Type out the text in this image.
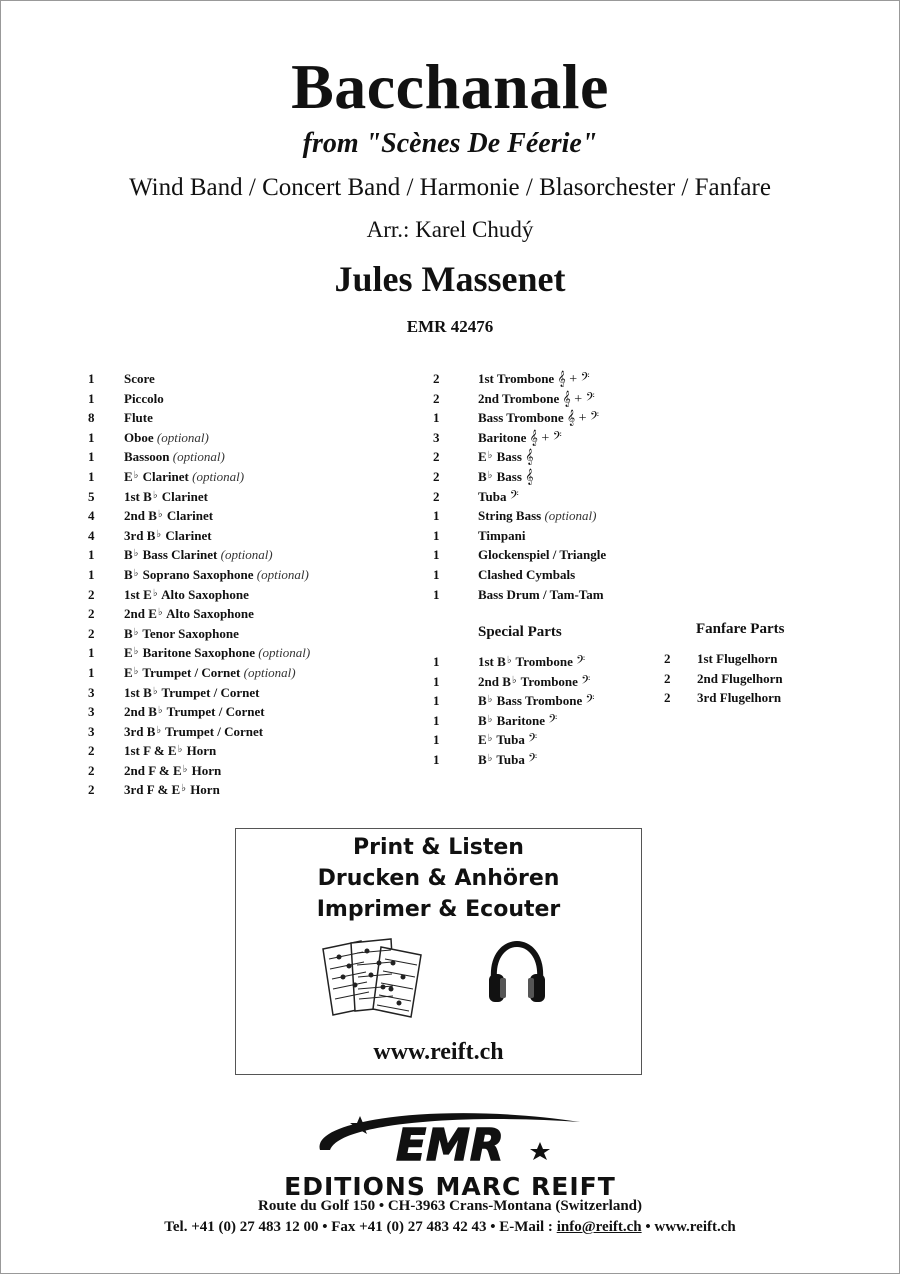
Bacchanale
from "Scènes De Féerie"
Wind Band / Concert Band / Harmonie / Blasorchester / Fanfare
Arr.: Karel Chudý
Jules Massenet
EMR 42476
1 Score
1 Piccolo
8 Flute
1 Oboe (optional)
1 Bassoon (optional)
1 E♭ Clarinet (optional)
5 1st B♭ Clarinet
4 2nd B♭ Clarinet
4 3rd B♭ Clarinet
1 B♭ Bass Clarinet (optional)
1 B♭ Soprano Saxophone (optional)
2 1st E♭ Alto Saxophone
2 2nd E♭ Alto Saxophone
2 B♭ Tenor Saxophone
1 E♭ Baritone Saxophone (optional)
1 E♭ Trumpet / Cornet (optional)
3 1st B♭ Trumpet / Cornet
3 2nd B♭ Trumpet / Cornet
3 3rd B♭ Trumpet / Cornet
2 1st F & E♭ Horn
2 2nd F & E♭ Horn
2 3rd F & E♭ Horn
2	1st Trombone 𝄞 + 𝄢
2	2nd Trombone 𝄞 + 𝄢
1	Bass Trombone 𝄞 + 𝄢
3	Baritone 𝄞 + 𝄢
2	E♭ Bass 𝄞
2	B♭ Bass 𝄞
2	Tuba 𝄢
1	String Bass (optional)
1	Timpani
1	Glockenspiel / Triangle
1	Clashed Cymbals
1	Bass Drum / Tam-Tam
Special Parts
1	1st B♭ Trombone 𝄢
1	2nd B♭ Trombone 𝄢
1	B♭ Bass Trombone 𝄢
1	B♭ Baritone 𝄢
1	E♭ Tuba 𝄢
1	B♭ Tuba 𝄢
Fanfare Parts
2 1st Flugelhorn
2 2nd Flugelhorn
2 3rd Flugelhorn
Print & Listen
Drucken & Anhören
Imprimer & Ecouter
www.reift.ch
EMR
EDITIONS MARC REIFT
Route du Golf 150 • CH-3963 Crans-Montana (Switzerland)
Tel. +41 (0) 27 483 12 00 • Fax +41 (0) 27 483 42 43 • E-Mail : info@reift.ch • www.reift.ch
